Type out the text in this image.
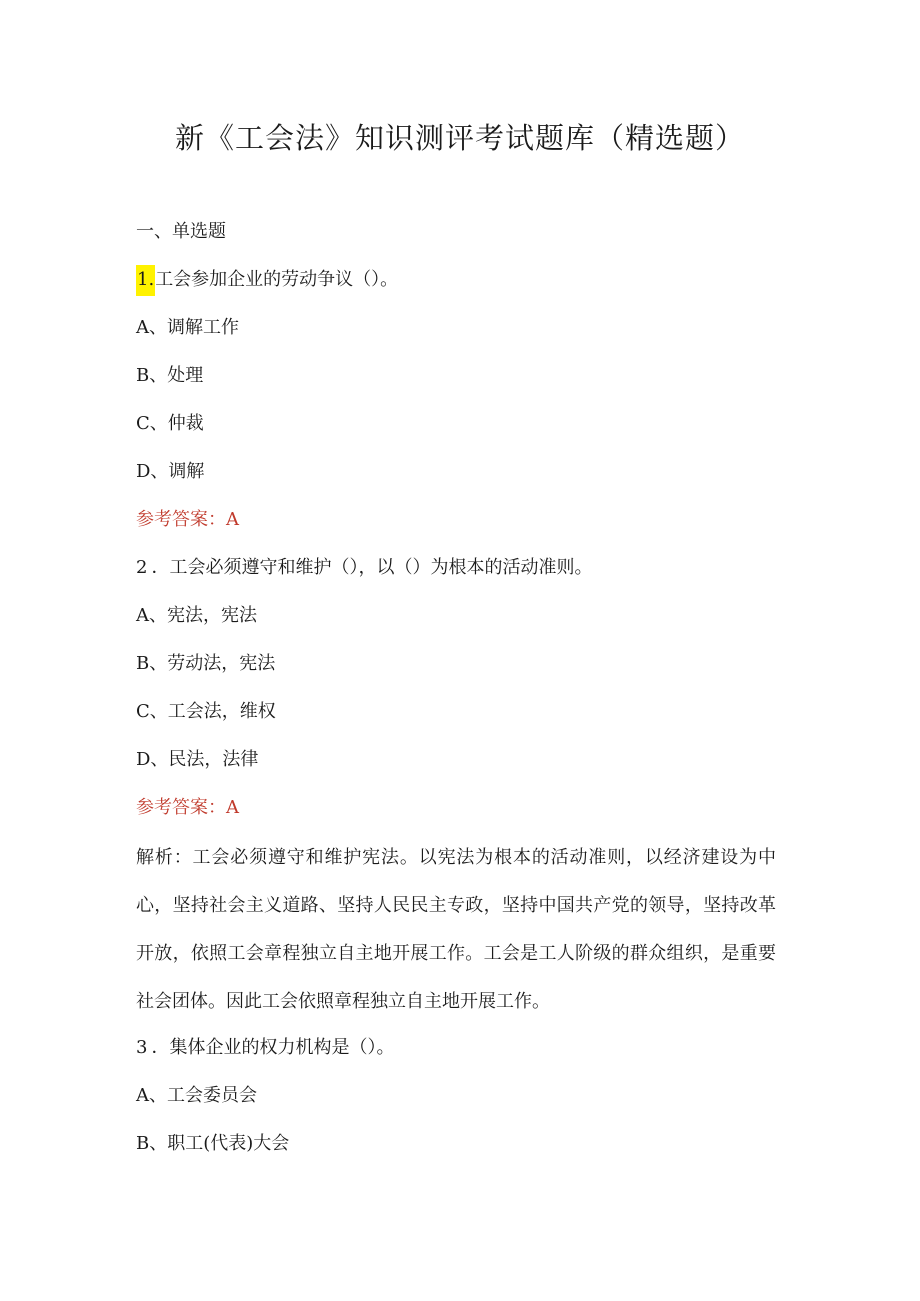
新《工会法》知识测评考试题库（精选题）
一、单选题
1.工会参加企业的劳动争议（）。
A、调解工作
B、处理
C、仲裁
D、调解
参考答案：A
2 ．工会必须遵守和维护（），以（）为根本的活动准则。
A、宪法，宪法
B、劳动法，宪法
C、工会法，维权
D、民法，法律
参考答案：A
解析：工会必须遵守和维护宪法。以宪法为根本的活动准则，以经济建设为中心，坚持社会主义道路、坚持人民民主专政，坚持中国共产党的领导，坚持改革开放，依照工会章程独立自主地开展工作。工会是工人阶级的群众组织，是重要社会团体。因此工会依照章程独立自主地开展工作。
3 ．集体企业的权力机构是（）。
A、工会委员会
B、职工(代表)大会
